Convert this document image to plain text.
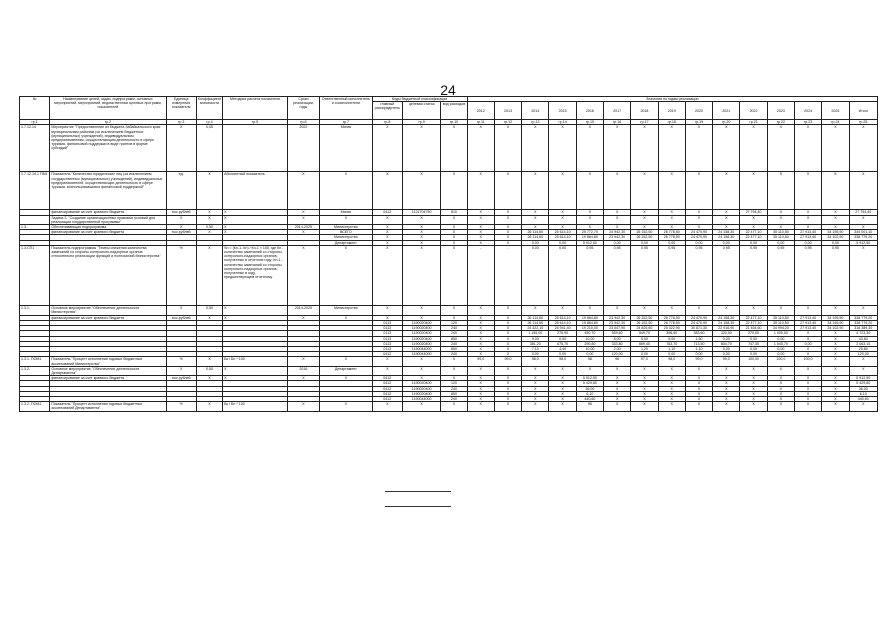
24
№	Наименование целей, задач, подпрограмм, основных мероприятий, мероприятий, ведомственных целевых программ, показателей	Единица измерения показателя	Коэффициент значимости	Методика расчета показателя	Сроки реализации, годы	Ответственный исполнитель и соисполнители	Коды бюджетной классификации			Значения по годам реализации														
							главный распорядитель	целевая статья	вид расходов	2012	2013	2014	2015	2016	2017	2018	2019	2020	2021	2022	2023	2024	2025	Итого
гр.1	гр.2	гр.3	гр.4	гр.5	гр.6	гр.7	гр.8	гр.9	гр.10	гр.11	гр.12	гр.13	гр.14	гр.15	гр.16	гр.17	гр.18	гр.19	гр.20	гр.21	гр.22	гр.23	гр.24	гр.25
1.7.12.14	Мероприятие "Предоставление из бюджета Забайкальского края муниципальным районам (за исключением бюджетных (муниципальных) учреждений), индивидуальным предпринимателям, осуществляющим деятельность в сфере туризма, финансовой поддержки в виде грантов в форме субсидий"	Х	0,05		2022	Минэк	Х	Х	Х	Х	Х	Х	Х	Х	Х	Х	Х	Х	Х	Х	Х	Х	Х	Х
1.7.12.14.1 ПМ1	Показатель "Количество юридических лиц (за исключением государственных (муниципальных) учреждений), индивидуальных предпринимателей, осуществляющих деятельность в сфере туризма, воспользовавшихся финансовой поддержкой"	ед.	Х	Абсолютный показатель	Х	Х	Х	Х	Х	Х	Х	Х	Х	Х	Х	Х	Х	Х	Х	Х	5	Х	5	Х
	финансирование за счет краевого бюджета	тыс.рублей	Х	Х	Х	Минэк	0412	1121704750	810	Х	Х	Х	Х	Х	Х	Х	Х	Х	Х	27 794,40	Х	Х	Х	27 794,40
	Задача 3. "Создание организационных правовых условий для реализации государственной программы"	Х	Х	Х	Х	Х	Х	Х	Х	Х	Х	Х	Х	Х	Х	Х	Х	Х	Х	Х	Х	Х	Х	Х
1.3.	Обеспечивающая подпрограмма	Х	0,50	Х	2014-2025	Министерство	Х	Х	Х	Х	Х	Х	Х	Х	Х	Х	Х	Х	Х	Х	Х	Х	Х	Х
	финансирование за счет краевого бюджета	тыс.рублей	Х	Х	Х	ВСЕГО	Х	Х	Х	Х	Х	26 114,60	25 614,10	25 772,70	24 942,30	26 152,50	26 778,50	24 470,90	24 158,30	22 477,10	35 110,50	27 913,40	34 195,90	344 001,10
						Министерство	Х	Х	Х	Х	Х	26 114,60	25 614,10	19 864,80	23 942,30	26 152,50	26 778,50	24 470,90	24 158,30	22 477,10	35 110,50	27 913,40	34 102,90	338 779,20
						Департамент	Х	Х	Х	Х	Х	0,00	0,00	5 912,50	0,00	0,00	0,00	0,00	0,00	0,00	0,00	0,00	0,00	5 912,50
1.3.СП1	Показатель подпрограммы "Темпы снижения количества замечаний со стороны контрольно-надзорных органов относительно реализации функций и полномочий Министерства"	%	Х	Sn = (Кn-1- Кn) / Кn-1 × 100, где Кn - количество замечаний со стороны контрольно-надзорных органов, полученных в отчетном году; Кn-1 - количество замечаний со стороны контрольно-надзорных органов, полученных в году, предшествующем отчетному	Х	Х	Х	Х	Х	-	-	0,00	0,00	0,95	0,95	0,95	0,95	0,95	0,95	0,95	0,95	0,95	0,95	Х
1.3.1.	Основное мероприятие "Обеспечение деятельности Министерства"	Х	0,50	Х	2014-2025	Министерство	Х	Х	Х	Х	Х	Х	Х	Х	Х	Х	Х	Х	Х	Х	Х	Х	Х	Х
	финансирование за счет краевого бюджета	тыс.рублей	Х	Х	Х	Х	Х	Х	Х	Х	Х	26 114,60	25 614,10	19 864,80	23 942,30	26 152,50	26 778,50	24 470,90	24 158,30	22 477,10	35 110,50	27 913,40	34 195,90	338 779,20
							0113	1190020400	120	Х	Х	26 114,60	25 614,10	19 864,80	23 942,30	26 152,50	26 778,50	24 470,90	24 158,30	22 477,10	35 110,50	27 913,40	34 195,90	338 779,20
							0113	1190020400	240	Х	Х	24 422,10	24 941,40	19 210,00	23 047,90	24 825,60	25 022,90	30 871,30	22 916,90	21 454,60	34 994,20	27 913,40	34 102,90	318 389,30
							0113	1190020400	240	Х	Х	1 195,00	275,90	450,70	559,60	549,70	396,50	383,60	320,00	270,00	1 000,00	Х	Х	4 723,30
							0113	1190020400	850	Х	Х	9,00	0,00	10,00	8,00	5,00	5,00	1,60	0,00	0,00	0,00	Х	Х	43,60
							0113	1190020400	240	Х	Х	381,20	675,70	290,80	333,80	669,40	763,70	713,50	804,70	747,30	1 045,70	0,00	Х	2 063,10
							0113	1190044000	850	Х	Х	7,10	4,40	10,00	2,00	1,20	1,10	1,10	0,00	0,00	0,00	Х	Х	25,80
							0412	1190044000	240	Х	Х	0,00	0,00	0,00	120,00	0,00	0,00	0,00	0,00	0,00	0,00	Х	Х	120,00
1.3.1. ПОМ1	Показатель "Процент исполнения годовых бюджетных ассигнований Министерства"	%	Х	Бк / Бп * 100	Х	Х	Х	Х	Х	99,0	99,0	98,0	98,0	98	96	97,0	98,0	99,0	99,0	100,00	100,0	100,0	Х	Х
1.3.2.	Основное мероприятие "Обеспечение деятельности Департамента"	Х	0,50	Х	2016	Департамент	Х	Х	Х	Х	Х	Х	Х	Х	Х	Х	Х	Х	Х	Х	Х	Х	Х	Х
	финансирование за счет краевого бюджета	тыс.рублей	Х	Х	Х	Х	0412	Х	Х	Х	Х	Х	Х	5 912,50	Х	Х	Х	Х	Х	Х	Х	Х	Х	5 912,50
							0412	1190020400	120	Х	Х	Х	Х	5 429,80	Х	Х	Х	Х	Х	Х	Х	Х	Х	5 429,80
							0412	1190020400	240	Х	Х	Х	Х	36,00	Х	Х	Х	Х	Х	Х	Х	Х	Х	36,00
							0412	1190020400	850	Х	Х	Х	Х	6,10	Х	Х	Х	Х	Х	Х	Х	Х	Х	6,10
							0412	1190044000	240	Х	Х	Х	Х	440,60	Х	Х	Х	Х	Х	Х	Х	Х	Х	440,60
1.3.2. ПОМ1	Показатель "Процент исполнения годовых бюджетных ассигнований Департамента"	%	Х	Бк / Бп * 100	Х	Х	Х	Х	Х	Х	Х	Х	Х	96	Х	Х	Х	Х	Х	Х	Х	Х	Х	Х
